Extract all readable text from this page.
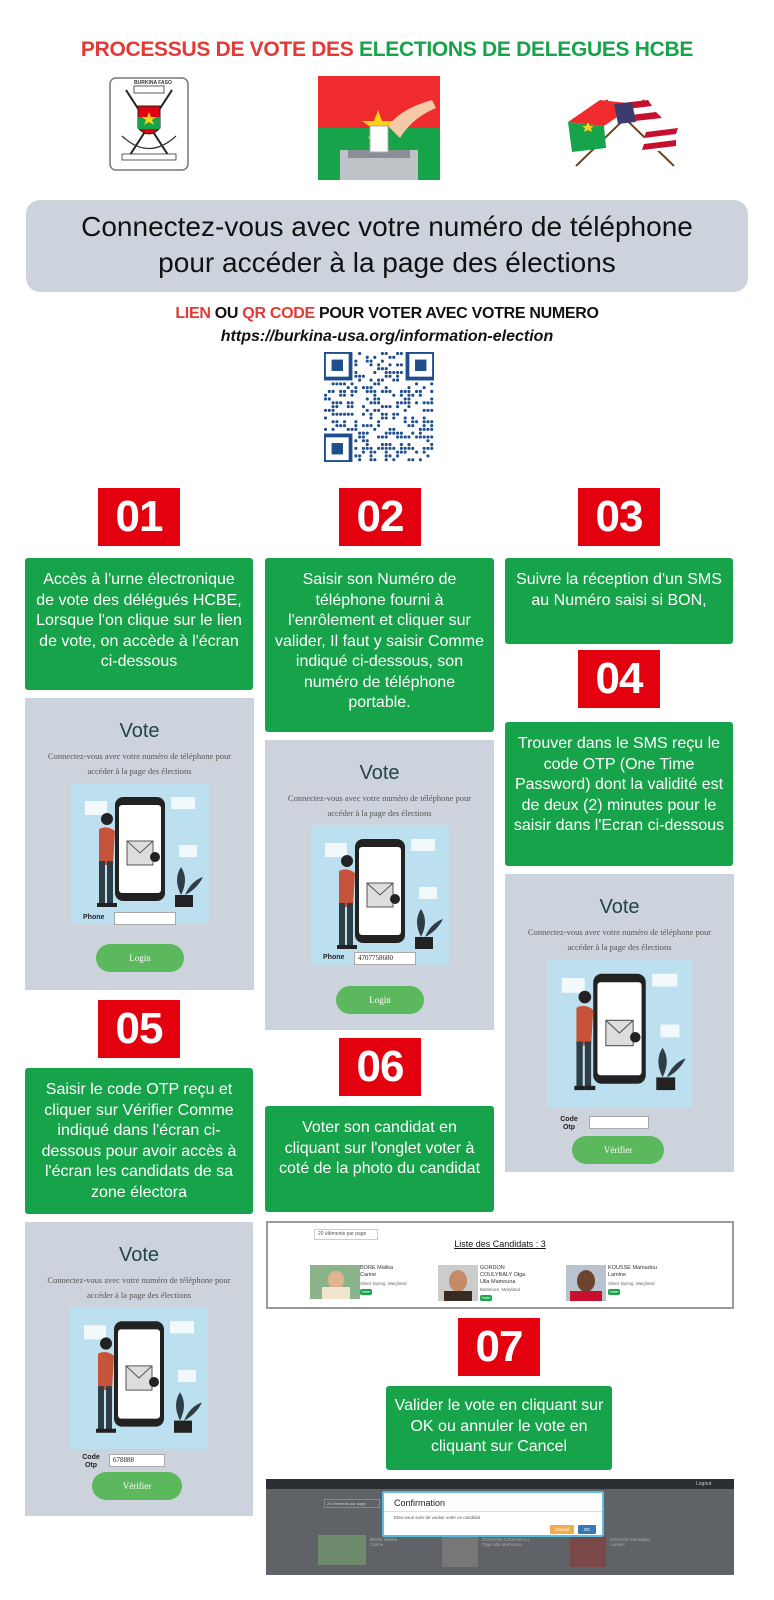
PROCESSUS DE VOTE DES ELECTIONS DE DELEGUES HCBE
BURKINA FASO
Connectez-vous avec votre numéro de téléphone
pour accéder à la page des élections
LIEN OU QR CODE POUR VOTER AVEC VOTRE NUMERO
https://burkina-usa.org/information-election
01	02	03
04
05
06
07
Accès à l'urne électronique de vote des délégués HCBE, Lorsque l'on clique sur le lien de vote, on accède à l'écran ci-dessous
Saisir son Numéro de téléphone fourni à l'enrôlement et cliquer sur valider, Il faut y saisir Comme indiqué ci-dessous, son numéro de téléphone portable.
Suivre la réception d'un SMS au Numéro saisi si BON,
Trouver dans le SMS reçu le code OTP (One Time Password) dont la validité est de deux (2) minutes pour le saisir dans l'Ecran ci-dessous
Saisir le code OTP reçu et cliquer sur Vérifier Comme indiqué dans l'écran ci-dessous pour avoir accès à l'écran les candidats de sa zone électora
Voter son candidat en cliquant sur l'onglet voter à coté de la photo du candidat
Valider le vote en cliquant sur OK ou annuler le vote en cliquant sur Cancel
Vote
Connectez-vous avec votre numéro de téléphone pour accéder à la page des élections
Phone
Login
Vote
Connectez-vous avec votre numéro de téléphone pour accéder à la page des élections
Phone	4707758680
Login
Vote
Connectez-vous avec votre numéro de téléphone pour accéder à la page des élections
Code Otp
Vérifier
Vote
Connectez-vous avec votre numéro de téléphone pour accéder à la page des élections
Code Otp
678888
Vérifier
20 éléments par page
Liste des Candidats : 3
BORE Malika Carine
Silver Spring, Maryland
Voter
GORDON COULYBALY Olga Ulla Mamouna
Baltimore, Maryland
Voter
KOUSSE Mamadou Lamine
Silver Spring, Maryland
Voter
Logout
20 éléments par page
BORE Malika Carine
GORDON COULYBALY Olga Ulla Mamouna
KOUSSE Mamadou Lamine
Confirmation
Etes-vous sure de vouloir voter ce candidat
Cancel	OK
